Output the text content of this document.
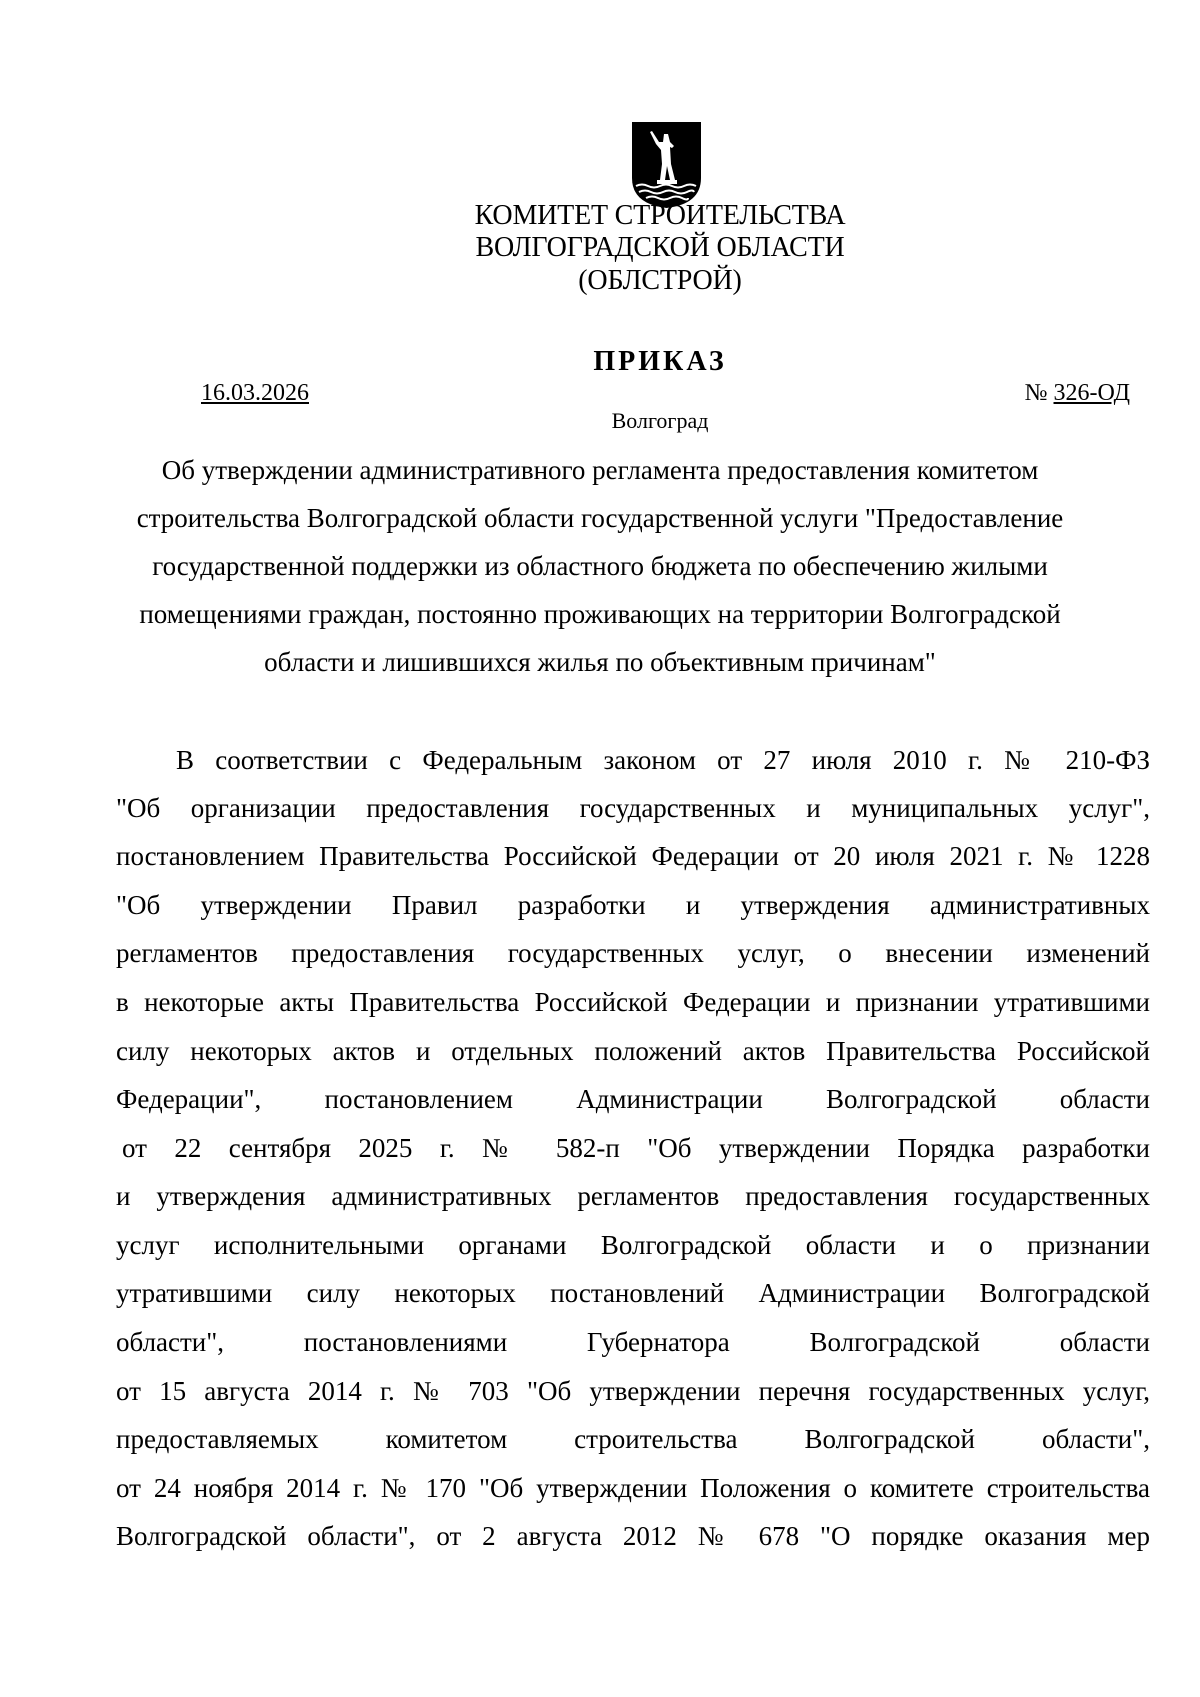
КОМИТЕТ СТРОИТЕЛЬСТВА
ВОЛГОГРАДСКОЙ ОБЛАСТИ
(ОБЛСТРОЙ)
ПРИКАЗ
16.03.2026	№ 326-ОД
Волгоград
Об утверждении административного регламента предоставления комитетом
строительства Волгоградской области государственной услуги "Предоставление
государственной поддержки из областного бюджета по обеспечению жилыми
помещениями граждан, постоянно проживающих на территории Волгоградской
области и лишившихся жилья по объективным причинам"
В соответствии с Федеральным законом от 27 июля 2010 г. № 210-ФЗ
"Об организации предоставления государственных и муниципальных услуг",
постановлением Правительства Российской Федерации от 20 июля 2021 г. № 1228
"Об утверждении Правил разработки и утверждения административных
регламентов предоставления государственных услуг, о внесении изменений
в некоторые акты Правительства Российской Федерации и признании утратившими
силу некоторых актов и отдельных положений актов Правительства Российской
Федерации", постановлением Администрации Волгоградской области
от 22 сентября 2025 г. № 582-п "Об утверждении Порядка разработки
и утверждения административных регламентов предоставления государственных
услуг исполнительными органами Волгоградской области и о признании
утратившими силу некоторых постановлений Администрации Волгоградской
области", постановлениями Губернатора Волгоградской области
от 15 августа 2014 г. № 703 "Об утверждении перечня государственных услуг,
предоставляемых комитетом строительства Волгоградской области",
от 24 ноября 2014 г. № 170 "Об утверждении Положения о комитете строительства
Волгоградской области", от 2 августа 2012 № 678 "О порядке оказания мер
